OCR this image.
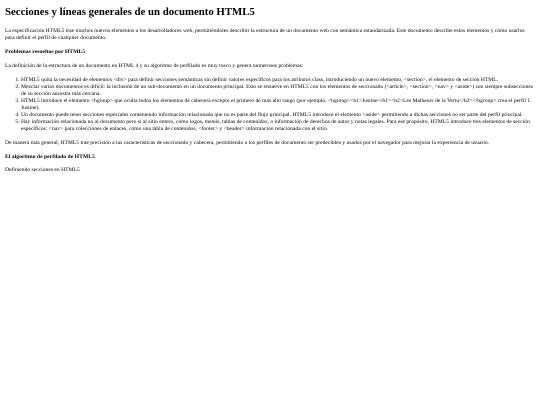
Secciones y líneas generales de un documento HTML5

La especificación HTML5 trae muchos nuevos elementos a los desarrolladores web, permitiéndoles describir la estructura de un documento web con semántica estandarizada. Este documento describe estos elementos y cómo usarlos para definir el perfil de cualquier documento.

Problemas resueltos por HTML5

La definición de la estructura de un documento en HTML 4 y su algoritmo de perfilado es muy tosco y genera numerosos problemas:

1. HTML5 quita la necesidad de elementos <div> para definir secciones semánticas sin definir valores específicos para los atributos class, introduciendo un nuevo elemento, <section>, el elemento de sección HTML.
2. Mezclar varios documentos es difícil: la inclusión de un sub-documento en un documento principal. Esto se resuelve en HTML5 con los elementos de seccionado (<article>, <section>, <nav> y <aside>) son siempre subsecciones de su sección ancestra más cercana.
3. HTML5 introduce el elemento <hgroup> que oculta todos los elementos de cabecera excepto el primero de más alto rango (por ejemplo, <hgroup><h1>Justine</h1><h2>Les Malheurs de la Vertu</h2></hgroup> crea el perfil 1. Justine).
4. Un documento puede tener secciones especiales conteniendo información relacionada que no es parte del flujo principal. HTML5 introduce el elemento <aside> permitiendo a dichas secciones no ser parte del perfil principal.
5. Hay información relacionada no al documento pero sí al sitio entero, como logos, menús, tablas de contenidos, o información de derechos de autor y notas legales. Para ese propósito, HTML5 introduce tres elementos de sección específicos: <nav> para colecciones de enlaces, como una tabla de contenidos, <footer> y <header> información relacionada con el sitio.

De manera más general, HTML5 trae precisión a las características de seccionado y cabecera, permitiendo a los perfiles de documento ser predecibles y usados por el navegador para mejorar la experiencia de usuario.

El algoritmo de perfilado de HTML5

Definiendo secciones en HTML5
